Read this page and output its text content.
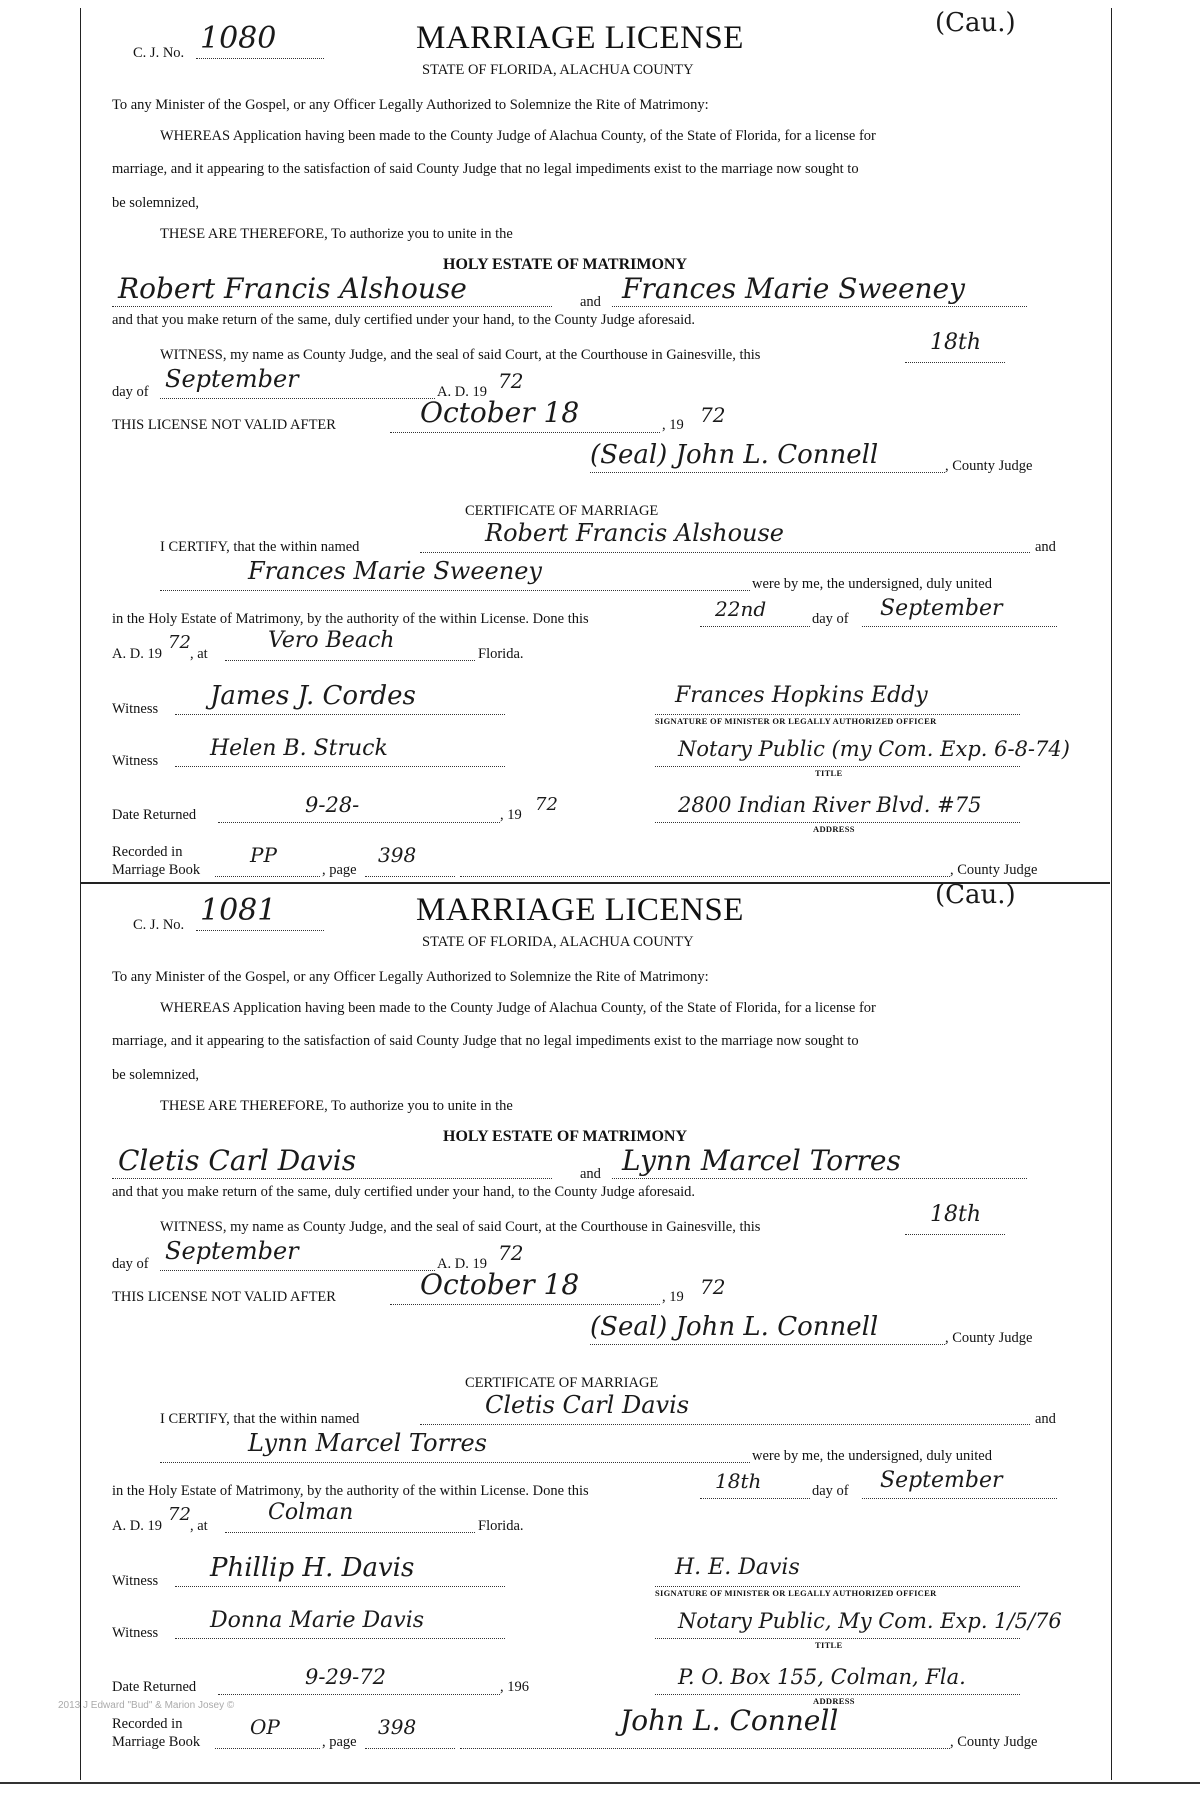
C. J. No. 1080	MARRIAGE LICENSE	(Cau.)
STATE OF FLORIDA, ALACHUA COUNTY
To any Minister of the Gospel, or any Officer Legally Authorized to Solemnize the Rite of Matrimony:
WHEREAS Application having been made to the County Judge of Alachua County, of the State of Florida, for a license for
marriage, and it appearing to the satisfaction of said County Judge that no legal impediments exist to the marriage now sought to
be solemnized,
THESE ARE THEREFORE, To authorize you to unite in the
HOLY ESTATE OF MATRIMONY
Robert Francis Alshouse	and Frances Marie Sweeney
and that you make return of the same, duly certified under your hand, to the County Judge aforesaid.
WITNESS, my name as County Judge, and the seal of said Court, at the Courthouse in Gainesville, this	18th
day of September	A. D. 19 72
THIS LICENSE NOT VALID AFTER	October 18	, 19 72
(Seal) John L. Connell	, County Judge
CERTIFICATE OF MARRIAGE
I CERTIFY, that the within named	Robert Francis Alshouse	and
Frances Marie Sweeney	were by me, the undersigned, duly united
in the Holy Estate of Matrimony, by the authority of the within License. Done this	22nd	day of September
A. D. 19
72
, at
Vero Beach
Florida.
Witness James J. Cordes	Frances Hopkins Eddy
SIGNATURE OF MINISTER OR LEGALLY AUTHORIZED OFFICER
Witness Helen B. Struck	Notary Public (my Com. Exp. 6-8-74)
TITLE
Date Returned	9-28-	, 19 72	2800 Indian River Blvd. #75
ADDRESS
Recorded in
Marriage Book
PP
, page
398
, County Judge
C. J. No. 1081	MARRIAGE LICENSE	(Cau.)
STATE OF FLORIDA, ALACHUA COUNTY
To any Minister of the Gospel, or any Officer Legally Authorized to Solemnize the Rite of Matrimony:
WHEREAS Application having been made to the County Judge of Alachua County, of the State of Florida, for a license for
marriage, and it appearing to the satisfaction of said County Judge that no legal impediments exist to the marriage now sought to
be solemnized,
THESE ARE THEREFORE, To authorize you to unite in the
HOLY ESTATE OF MATRIMONY
Cletis Carl Davis	and Lynn Marcel Torres
and that you make return of the same, duly certified under your hand, to the County Judge aforesaid.
WITNESS, my name as County Judge, and the seal of said Court, at the Courthouse in Gainesville, this	18th
day of September	A. D. 19 72
THIS LICENSE NOT VALID AFTER	October 18	, 19 72
(Seal) John L. Connell	, County Judge
CERTIFICATE OF MARRIAGE
I CERTIFY, that the within named	Cletis Carl Davis	and
Lynn Marcel Torres	were by me, the undersigned, duly united
in the Holy Estate of Matrimony, by the authority of the within License. Done this	18th	day of September
A. D. 19
72
, at
Colman
Florida.
Witness Phillip H. Davis	H. E. Davis
SIGNATURE OF MINISTER OR LEGALLY AUTHORIZED OFFICER
Witness Donna Marie Davis	Notary Public, My Com. Exp. 1/5/76
TITLE
Date Returned	9-29-72	, 196	P. O. Box 155, Colman, Fla.
ADDRESS
Recorded in
Marriage Book
OP
, page
398	John L. Connell
, County Judge
2013 J Edward "Bud" & Marion Josey ©
